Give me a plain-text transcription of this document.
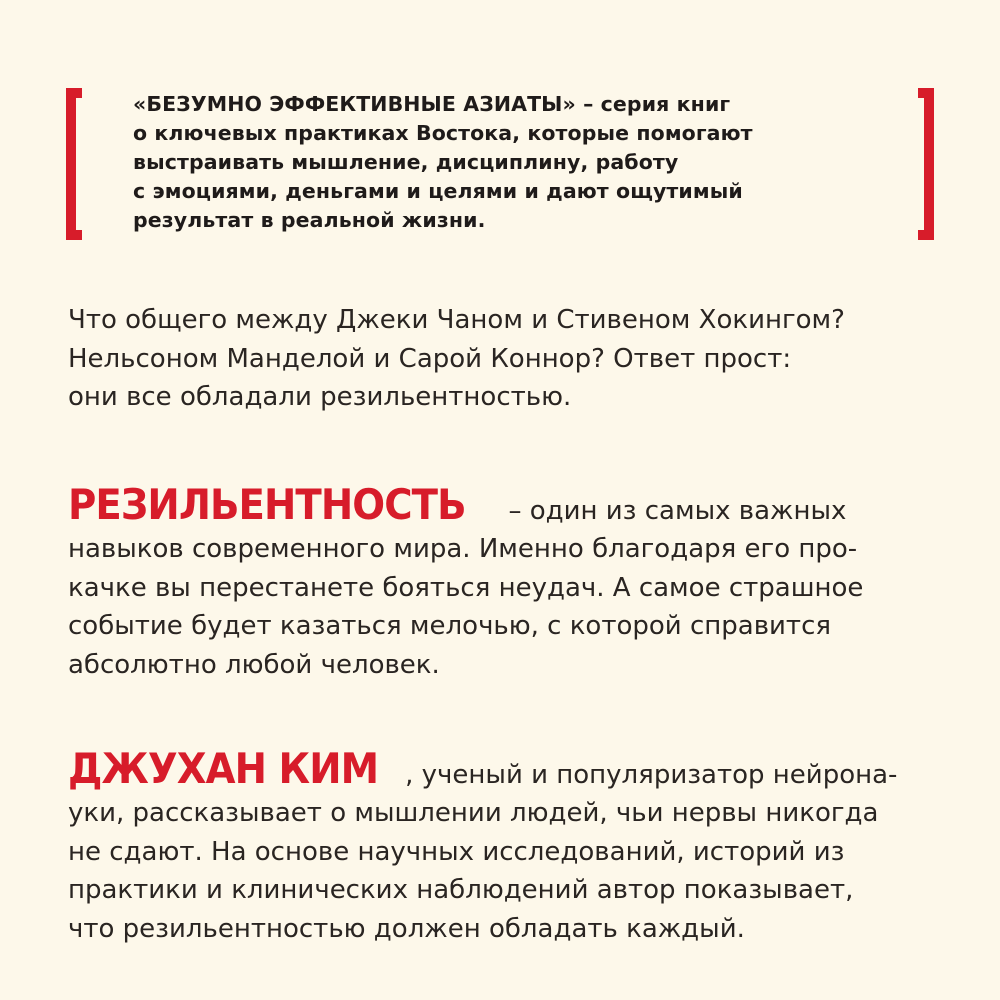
«БЕЗУМНО ЭФФЕКТИВНЫЕ АЗИАТЫ» – серия книг
о ключевых практиках Востока, которые помогают
выстраивать мышление, дисциплину, работу
с эмоциями, деньгами и целями и дают ощутимый
результат в реальной жизни.

Что общего между Джеки Чаном и Стивеном Хокингом?
Нельсоном Манделой и Сарой Коннор? Ответ прост:
они все обладали резильентностью.

РЕЗИЛЬЕНТНОСТЬ – один из самых важных
навыков современного мира. Именно благодаря его про-
качке вы перестанете бояться неудач. А самое страшное
событие будет казаться мелочью, с которой справится
абсолютно любой человек.

ДЖУХАН КИМ , ученый и популяризатор нейрона-
уки, рассказывает о мышлении людей, чьи нервы никогда
не сдают. На основе научных исследований, историй из
практики и клинических наблюдений автор показывает,
что резильентностью должен обладать каждый.
